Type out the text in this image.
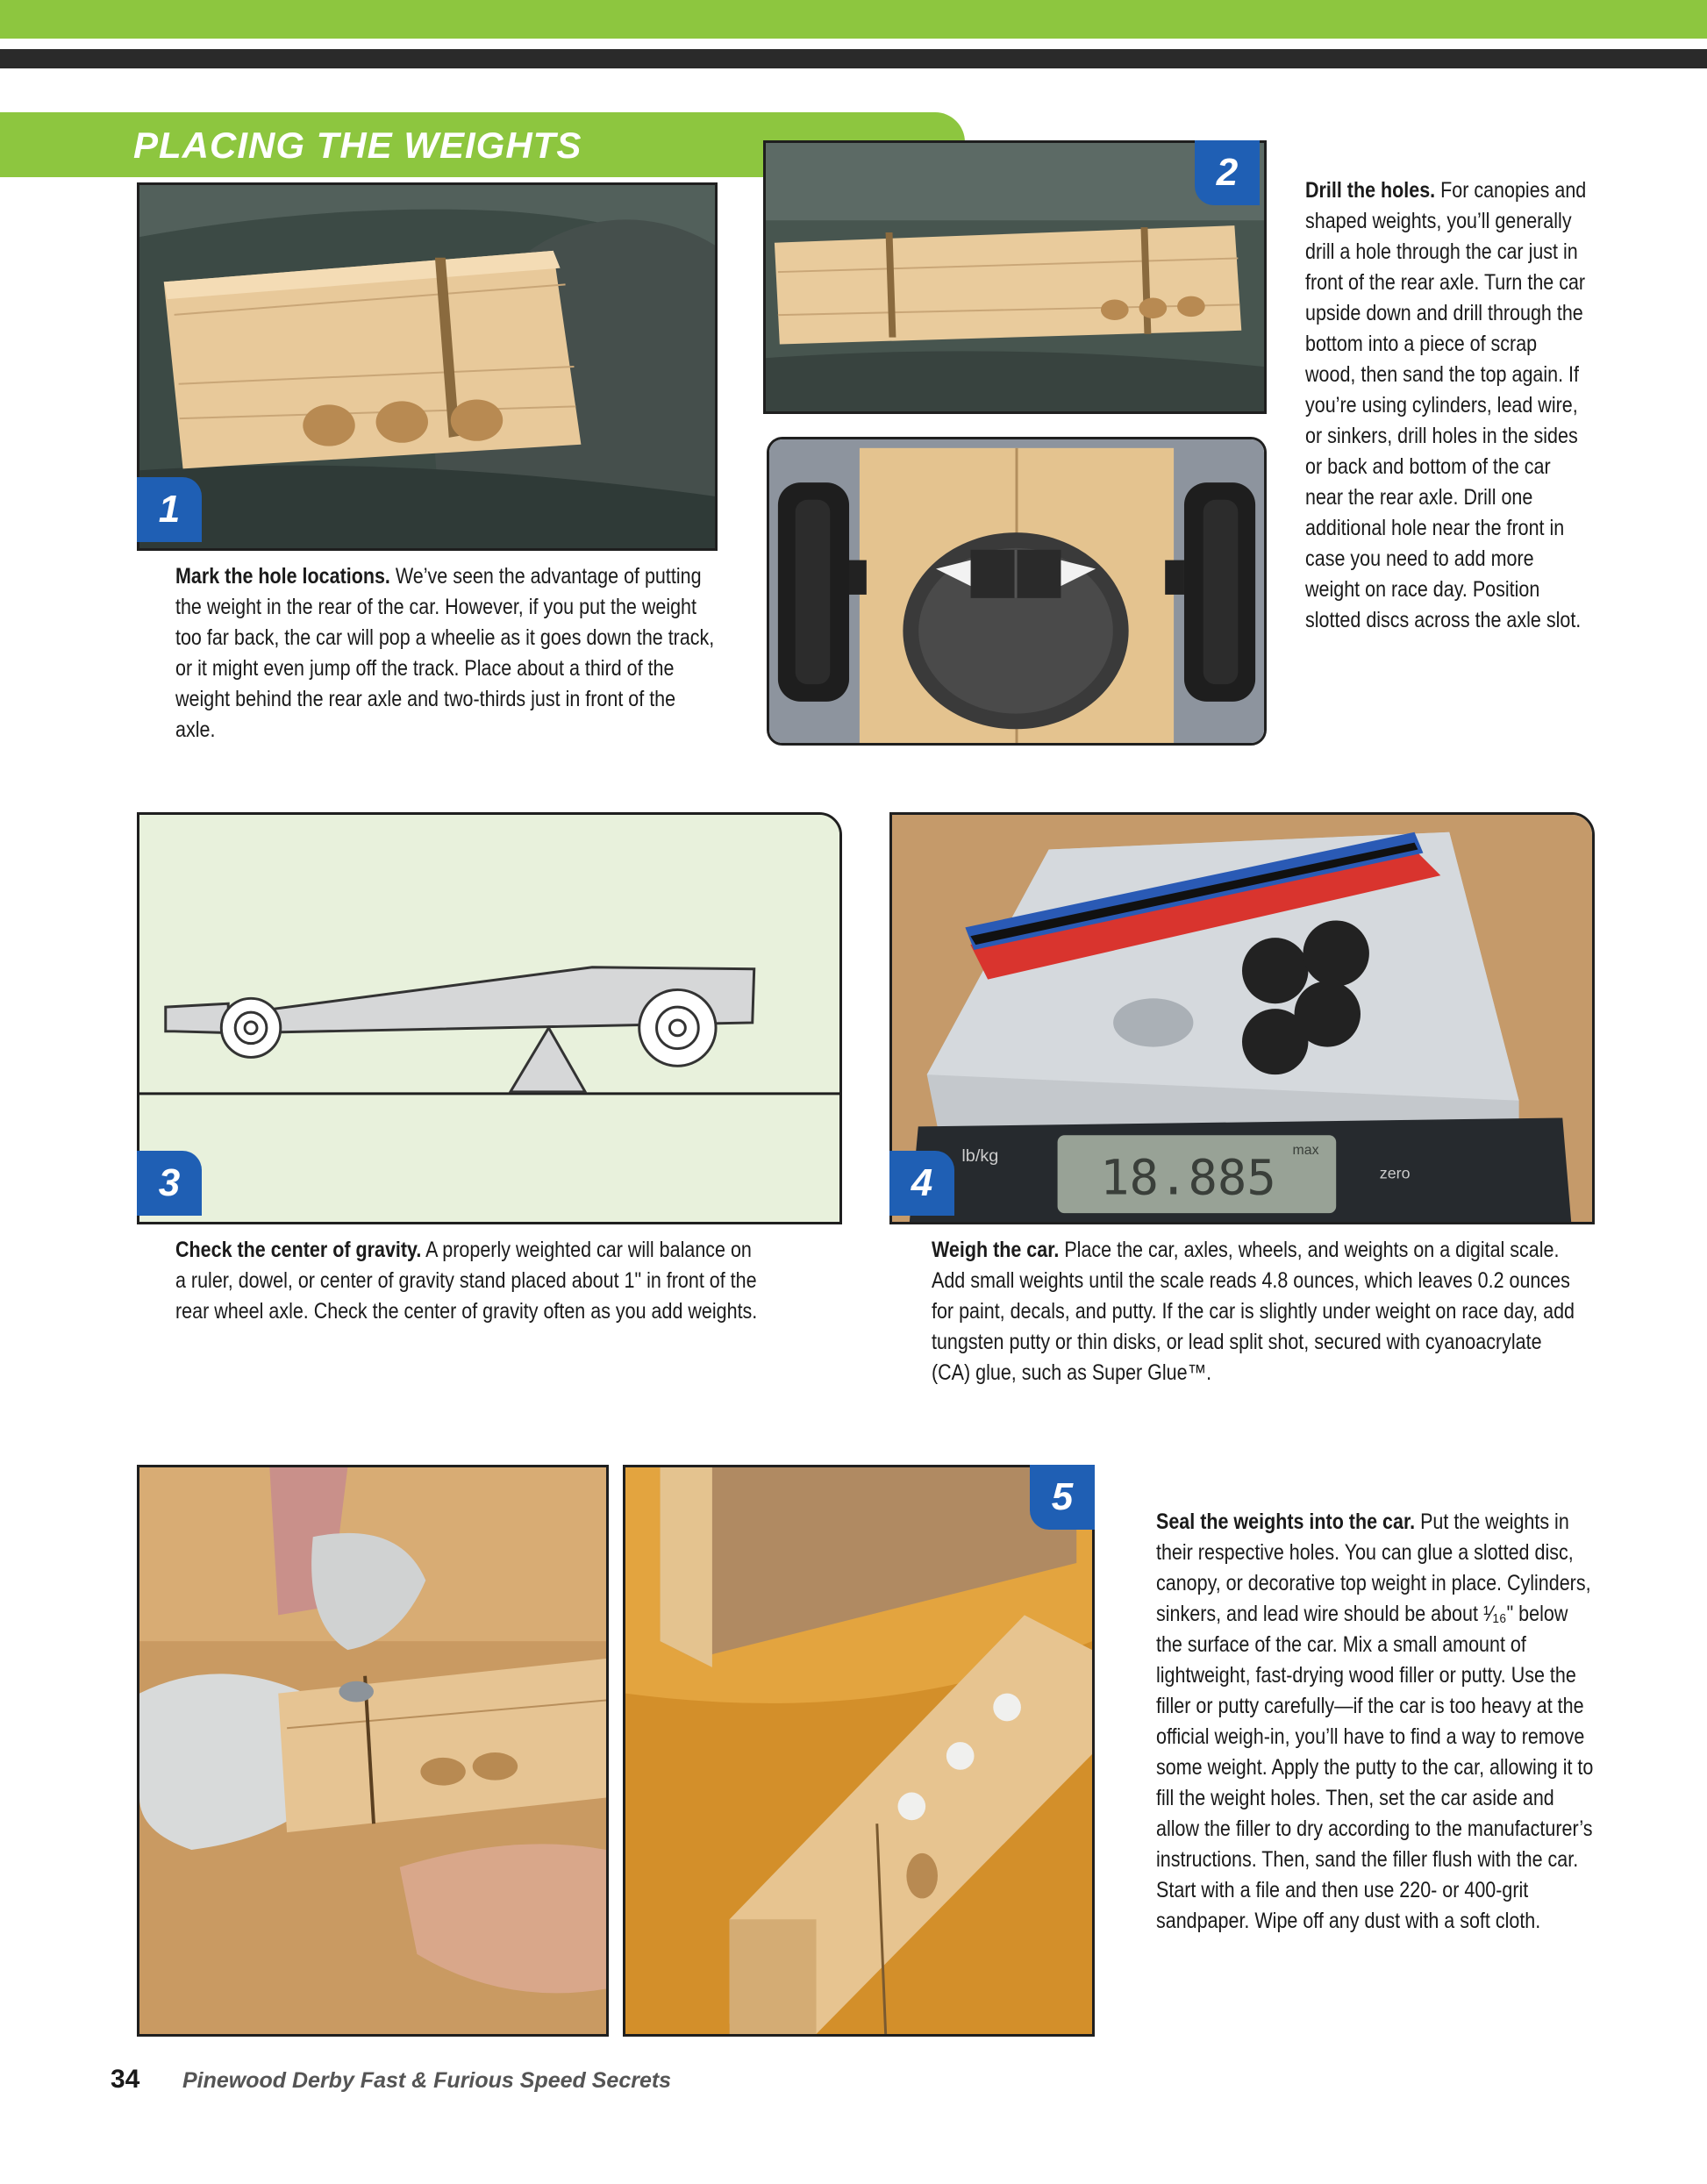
PLACING THE WEIGHTS
1
Mark the hole locations. We’ve seen the advantage of putting the weight in the rear of the car. However, if you put the weight too far back, the car will pop a wheelie as it goes down the track, or it might even jump off the track. Place about a third of the weight behind the rear axle and two-thirds just in front of the axle.
2	Drill the holes. For canopies and shaped weights, you’ll generally drill a hole through the car just in front of the rear axle. Turn the car upside down and drill through the bottom into a piece of scrap wood, then sand the top again. If you’re using cylinders, lead wire, or sinkers, drill holes in the sides or back and bottom of the car near the rear axle. Drill one additional hole near the front in case you need to add more weight on race day. Position slotted discs across the axle slot.
3
Check the center of gravity. A properly weighted car will balance on a ruler, dowel, or center of gravity stand placed about 1" in front of the rear wheel axle. Check the center of gravity often as you add weights.
18.885
lb/kg	max
zero
4
Weigh the car. Place the car, axles, wheels, and weights on a digital scale. Add small weights until the scale reads 4.8 ounces, which leaves 0.2 ounces for paint, decals, and putty. If the car is slightly under weight on race day, add tungsten putty or thin disks, or lead split shot, secured with cyanoacrylate (CA) glue, such as Super Glue™.
5
Seal the weights into the car. Put the weights in their respective holes. You can glue a slotted disc, canopy, or decorative top weight in place. Cylinders, sinkers, and lead wire should be about ¹⁄₁₆" below the surface of the car. Mix a small amount of lightweight, fast-drying wood filler or putty. Use the filler or putty carefully—if the car is too heavy at the official weigh-in, you’ll have to find a way to remove some weight. Apply the putty to the car, allowing it to fill the weight holes. Then, set the car aside and allow the filler to dry according to the manufacturer’s instructions. Then, sand the filler flush with the car. Start with a file and then use 220- or 400-grit sandpaper. Wipe off any dust with a soft cloth.
34 Pinewood Derby Fast & Furious Speed Secrets
